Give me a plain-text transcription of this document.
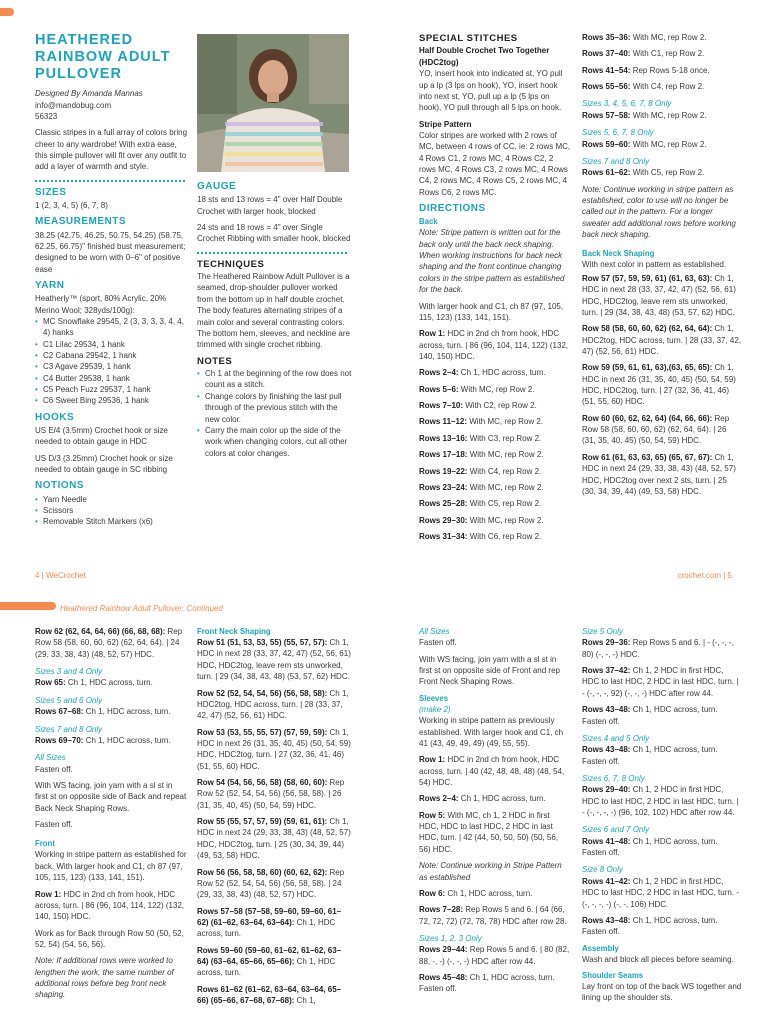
HEATHERED RAINBOW ADULT PULLOVER
Designed By Amanda Mannas
info@mandobug.com
56323
Classic stripes in a full array of colors bring cheer to any wardrobe! With extra ease, this simple pullover will fit over any outfit to add a layer of warmth and style.
SIZES
1 (2, 3, 4, 5) (6, 7, 8)
MEASUREMENTS
38.25 (42.75, 46.25, 50.75, 54.25) (58.75, 62.25, 66.75)" finished bust measurement; designed to be worn with 0–6" of positive ease
YARN
Heatherly™ (sport, 80% Acrylic, 20% Merino Wool; 328yds/100g):
• MC Snowflake 29545, 2 (3, 3, 3, 3, 4, 4, 4) hanks
• C1 Lilac 29534, 1 hank
• C2 Cabana 29542, 1 hank
• C3 Agave 29539, 1 hank
• C4 Butter 29538, 1 hank
• C5 Peach Fuzz 29537, 1 hank
• C6 Sweet Bing 29536, 1 hank
HOOKS
US E/4 (3.5mm) Crochet hook or size needed to obtain gauge in HDC
US D/3 (3.25mm) Crochet hook or size needed to obtain gauge in SC ribbing
NOTIONS
• Yarn Needle
• Scissors
• Removable Stitch Markers (x6)
GAUGE
18 sts and 13 rows = 4" over Half Double Crochet with larger hook, blocked
24 sts and 18 rows = 4" over Single Crochet Ribbing with smaller hook, blocked
TECHNIQUES
The Heathered Rainbow Adult Pullover is a seamed, drop-shoulder pullover worked from the bottom up in half double crochet. The body features alternating stripes of a main color and several contrasting colors. The bottom hem, sleeves, and neckline are trimmed with single crochet ribbing.
NOTES
• Ch 1 at the beginning of the row does not count as a stitch.
• Change colors by finishing the last pull through of the previous stitch with the new color.
• Carry the main color up the side of the work when changing colors, cut all other colors at color changes.
SPECIAL STITCHES
Half Double Crochet Two Together (HDC2tog)
YO, insert hook into indicated st, YO pull up a lp (3 lps on hook), YO, insert hook into next st, YO, pull up a lp (5 lps on hook), YO pull through all 5 lps on hook.
Stripe Pattern
Color stripes are worked with 2 rows of MC, between 4 rows of CC, ie: 2 rows MC, 4 Rows C1, 2 rows MC, 4 Rows C2, 2 rows MC, 4 Rows C3, 2 rows MC, 4 Rows C4, 2 rows MC, 4 Rows C5, 2 rows MC, 4 Rows C6, 2 rows MC.
DIRECTIONS
Back
Note: Stripe pattern is written out for the back only until the back neck shaping. When working instructions for back neck shaping and the front continue changing colors in the stripe pattern as established for the back.
With larger hook and C1, ch 87 (97, 105, 115, 123) (133, 141, 151).
Row 1: HDC in 2nd ch from hook, HDC across, turn. | 86 (96, 104, 114, 122) (132, 140, 150) HDC.
Rows 2–4: Ch 1, HDC across, turn.
Rows 5–6: With MC, rep Row 2.
Rows 7–10: With C2, rep Row 2.
Rows 11–12: With MC, rep Row 2.
Rows 13–16: With C3, rep Row 2.
Rows 17–18: With MC, rep Row 2.
Rows 19–22: With C4, rep Row 2.
Rows 23–24: With MC, rep Row 2.
Rows 25–28: With C5, rep Row 2.
Rows 29–30: With MC, rep Row 2.
Rows 31–34: With C6, rep Row 2.
Rows 35–36: With MC, rep Row 2.
Rows 37–40: With C1, rep Row 2.
Rows 41–54: Rep Rows 5-18 once.
Rows 55–56: With C4, rep Row 2.
Sizes 3, 4, 5, 6, 7, 8 Only
Rows 57–58: With MC, rep Row 2.
Sizes 5, 6, 7, 8 Only
Rows 59–60: With MC, rep Row 2.
Sizes 7 and 8 Only
Rows 61–62: With C5, rep Row 2.
Note: Continue working in stripe pattern as established, color to use will no longer be called out in the pattern. For a longer sweater add additional rows before working back neck shaping.
Back Neck Shaping
With next color in pattern as established.
Row 57 (57, 59, 59, 61) (61, 63, 63): Ch 1, HDC in next 28 (33, 37, 42, 47) (52, 56, 61) HDC, HDC2tog, leave rem sts unworked, turn. | 29 (34, 38, 43, 48) (53, 57, 62) HDC.
Row 58 (58, 60, 60, 62) (62, 64, 64): Ch 1, HDC2tog, HDC across, turn. | 28 (33, 37, 42, 47) (52, 56, 61) HDC.
Row 59 (59, 61, 61, 63),(63, 65, 65): Ch 1, HDC in next 26 (31, 35, 40, 45) (50, 54, 59) HDC, HDC2tog, turn. | 27 (32, 36, 41, 46) (51, 55, 60) HDC.
Row 60 (60, 62, 62, 64) (64, 66, 66): Rep Row 58 (58, 60, 60, 62) (62, 64, 64). | 26 (31, 35, 40, 45) (50, 54, 59) HDC.
Row 61 (61, 63, 63, 65) (65, 67, 67): Ch 1, HDC in next 24 (29, 33, 38, 43) (48, 52, 57) HDC, HDC2tog over next 2 sts, turn. | 25 (30, 34, 39, 44) (49, 53, 58) HDC.
4 | WeCrochet	crochet.com | 5
Heathered Rainbow Adult Pullover: Continued
Row 62 (62, 64, 64, 66) (66, 68, 68): Rep Row 58 (58, 60, 60, 62) (62, 64, 64). | 24 (29, 33, 38, 43) (48, 52, 57) HDC.
Sizes 3 and 4 Only
Row 65: Ch 1, HDC across, turn.
Sizes 5 and 6 Only
Rows 67–68: Ch 1, HDC across, turn.
Sizes 7 and 8 Only
Rows 69–70: Ch 1, HDC across, turn.
All Sizes
Fasten off.
With WS facing, join yarn with a sl st in first st on opposite side of Back and repeat Back Neck Shaping Rows.
Fasten off.
Front
Working in stripe pattern as established for back. With larger hook and C1, ch 87 (97, 105, 115, 123) (133, 141, 151).
Row 1: HDC in 2nd ch from hook, HDC across, turn. | 86 (96, 104, 114, 122) (132, 140, 150) HDC.
Work as for Back through Row 50 (50, 52, 52, 54) (54, 56, 56).
Note: If additional rows were worked to lengthen the work, the same number of additional rows before beg front neck shaping.
Front Neck Shaping
Row 51 (51, 53, 53, 55) (55, 57, 57): Ch 1, HDC in next 28 (33, 37, 42, 47) (52, 56, 61) HDC, HDC2tog, leave rem sts unworked, turn. | 29 (34, 38, 43, 48) (53, 57, 62) HDC.
Row 52 (52, 54, 54, 56) (56, 58, 58): Ch 1, HDC2tog, HDC across, turn. | 28 (33, 37, 42, 47) (52, 56, 61) HDC.
Row 53 (53, 55, 55, 57) (57, 59, 59): Ch 1, HDC in next 26 (31, 35, 40, 45) (50, 54, 59) HDC, HDC2tog, turn. | 27 (32, 36, 41, 46) (51, 55, 60) HDC.
Row 54 (54, 56, 56, 58) (58, 60, 60): Rep Row 52 (52, 54, 54, 56) (56, 58, 58). | 26 (31, 35, 40, 45) (50, 54, 59) HDC.
Row 55 (55, 57, 57, 59) (59, 61, 61): Ch 1, HDC in next 24 (29, 33, 38, 43) (48, 52, 57) HDC, HDC2tog, turn. | 25 (30, 34, 39, 44) (49, 53, 58) HDC.
Row 56 (56, 58, 58, 60) (60, 62, 62): Rep Row 52 (52, 54, 54, 56) (56, 58, 58). | 24 (29, 33, 38, 43) (48, 52, 57) HDC.
Rows 57–58 (57–58, 59–60, 59–60, 61–62) (61–62, 63–64, 63–64): Ch 1, HDC across, turn.
Rows 59–60 (59–60, 61–62, 61–62, 63–64) (63–64, 65–66, 65–66): Ch 1, HDC across, turn.
Rows 61–62 (61–62, 63–64, 63–64, 65–66) (65–66, 67–68, 67–68): Ch 1,
All Sizes
Fasten off.
With WS facing, join yarn with a sl st in first st on opposite side of Front and rep Front Neck Shaping Rows.
Sleeves
(make 2)
Working in stripe pattern as previously established. With larger hook and C1, ch 41 (43, 49, 49, 49) (49, 55, 55).
Row 1: HDC in 2nd ch from hook, HDC across, turn. | 40 (42, 48, 48, 48) (48, 54, 54) HDC.
Rows 2–4: Ch 1, HDC across, turn.
Row 5: With MC, ch 1, 2 HDC in first HDC, HDC to last HDC, 2 HDC in last HDC, turn. | 42 (44, 50, 50, 50) (50, 56, 56) HDC.
Note: Continue working in Stripe Pattern as established
Row 6: Ch 1, HDC across, turn.
Rows 7–28: Rep Rows 5 and 6. | 64 (66, 72, 72, 72) (72, 78, 78) HDC after row 28.
Sizes 1, 2, 3 Only
Rows 29–44: Rep Rows 5 and 6. | 80 (82, 88, -, -) (-, -, -) HDC after row 44.
Rows 45–48: Ch 1, HDC across, turn.
Fasten off.
Size 5 Only
Rows 29–36: Rep Rows 5 and 6. | - (-, -, -, 80) (-, -, -) HDC.
Rows 37–42: Ch 1, 2 HDC in first HDC, HDC to last HDC, 2 HDC in last HDC, turn. | - (-, -, -, 92) (-, -, -) HDC after row 44.
Rows 43–48: Ch 1, HDC across, turn.
Fasten off.
Sizes 4 and 5 Only
Rows 43–48: Ch 1, HDC across, turn.
Fasten off.
Sizes 6, 7, 8 Only
Rows 29–40: Ch 1, 2 HDC in first HDC, HDC to last HDC, 2 HDC in last HDC, turn. | - (-, -, -, -) (96, 102, 102) HDC after row 44.
Sizes 6 and 7 Only
Rows 41–48: Ch 1, HDC across, turn.
Fasten off.
Size 8 Only
Rows 41–42: Ch 1, 2 HDC in first HDC, HDC to last HDC, 2 HDC in last HDC, turn. - (-, -, -, -) (-, -, 106) HDC.
Rows 43–48: Ch 1, HDC across, turn.
Fasten off.
Assembly
Wash and block all pieces before seaming.
Shoulder Seams
Lay front on top of the back WS together and lining up the shoulder sts.
